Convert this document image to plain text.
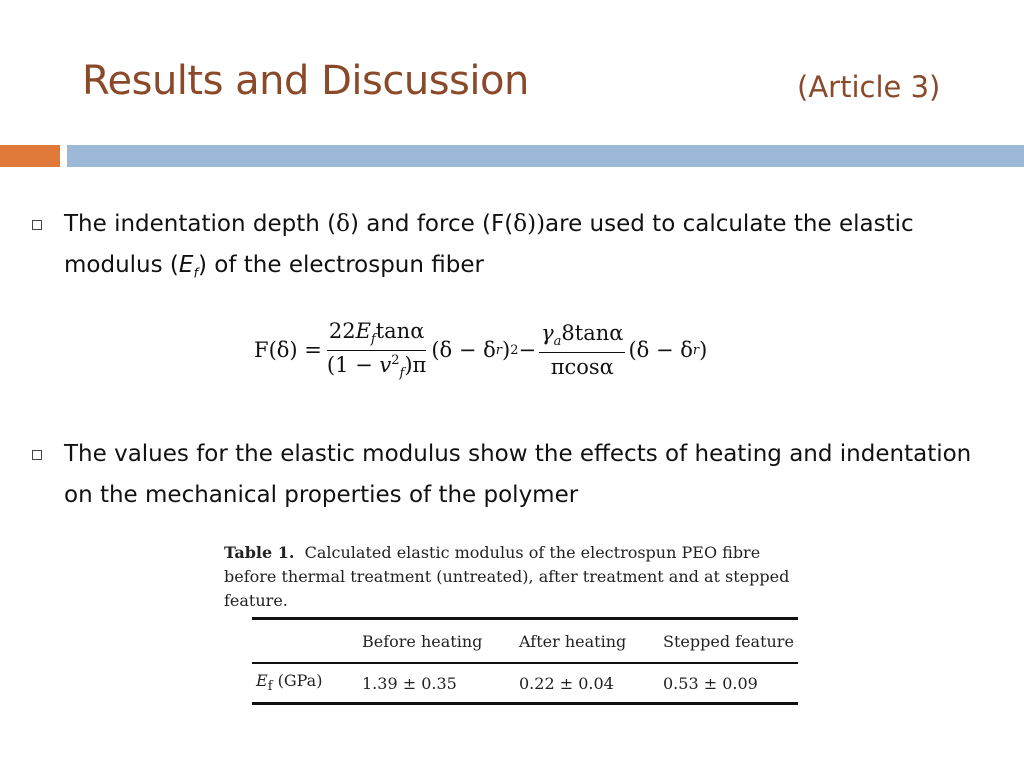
Results and Discussion	(Article 3)

The indentation depth (δ) and force (F(δ))are used to calculate the elastic modulus $(E_f)$ of the electrospun fiber

$F(\delta) = \frac{22E_f\tan\alpha}{(1 - v^2_f)\pi} (\delta - \delta$ r ) $2 - \frac{\gamma_a8\tan\alpha}{\pi\cos\alpha} (\delta - \delta$ r )

The values for the elastic modulus show the effects of heating and indentation on the mechanical properties of the polymer

Table 1. Calculated elastic modulus of the electrospun PEO fibre before thermal treatment (untreated), after treatment and at stepped feature.

	Before heating	After heating	Stepped feature
$E_f$ (GPa)	1.39 ± 0.35	0.22 ± 0.04	0.53 ± 0.09
